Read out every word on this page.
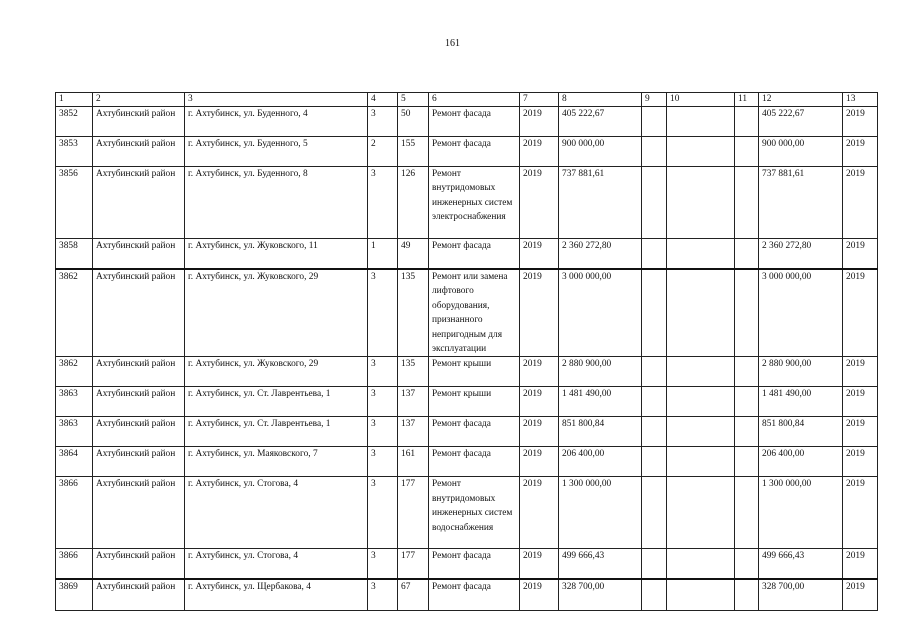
161
1	2	3	4	5	6	7	8	9	10	11	12	13
3852	Ахтубинский район	г. Ахтубинск, ул. Буденного, 4	3	50	Ремонт фасада	2019	405 222,67				405 222,67	2019
3853	Ахтубинский район	г. Ахтубинск, ул. Буденного, 5	2	155	Ремонт фасада	2019	900 000,00				900 000,00	2019
3856	Ахтубинский район	г. Ахтубинск, ул. Буденного, 8	3	126	Ремонт внутридомовых инженерных систем электроснабжения	2019	737 881,61				737 881,61	2019
3858	Ахтубинский район	г. Ахтубинск, ул. Жуковского, 11	1	49	Ремонт фасада	2019	2 360 272,80				2 360 272,80	2019
3862	Ахтубинский район	г. Ахтубинск, ул. Жуковского, 29	3	135	Ремонт или замена лифтового оборудования, признанного непригодным для эксплуатации	2019	3 000 000,00				3 000 000,00	2019
3862	Ахтубинский район	г. Ахтубинск, ул. Жуковского, 29	3	135	Ремонт крыши	2019	2 880 900,00				2 880 900,00	2019
3863	Ахтубинский район	г. Ахтубинск, ул. Ст. Лаврентьева, 1	3	137	Ремонт крыши	2019	1 481 490,00				1 481 490,00	2019
3863	Ахтубинский район	г. Ахтубинск, ул. Ст. Лаврентьева, 1	3	137	Ремонт фасада	2019	851 800,84				851 800,84	2019
3864	Ахтубинский район	г. Ахтубинск, ул. Маяковского, 7	3	161	Ремонт фасада	2019	206 400,00				206 400,00	2019
3866	Ахтубинский район	г. Ахтубинск, ул. Стогова, 4	3	177	Ремонт внутридомовых инженерных систем водоснабжения	2019	1 300 000,00				1 300 000,00	2019
3866	Ахтубинский район	г. Ахтубинск, ул. Стогова, 4	3	177	Ремонт фасада	2019	499 666,43				499 666,43	2019
3869	Ахтубинский район	г. Ахтубинск, ул. Щербакова, 4	3	67	Ремонт фасада	2019	328 700,00				328 700,00	2019
